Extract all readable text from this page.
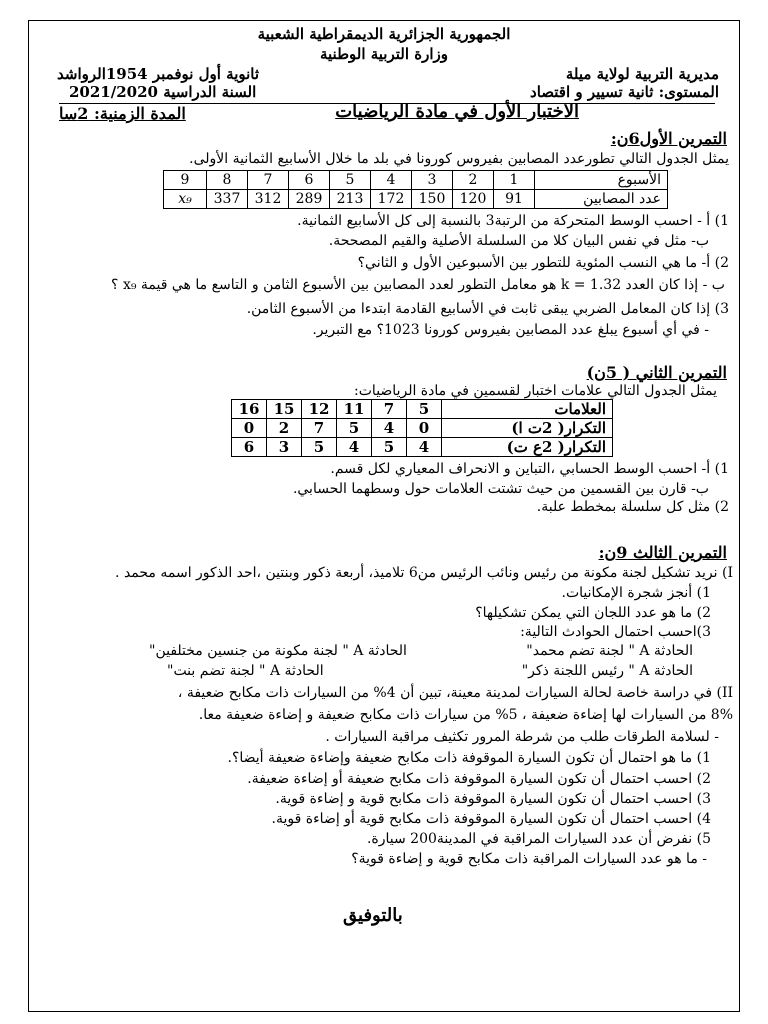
الجمهورية الجزائرية الديمقراطية الشعبية
وزارة التربية الوطنية
مديرية التربية لولاية ميلة
المستوى: ثانية تسيير و اقتصاد
ثانوية أول نوفمبر 1954الرواشد
السنة الدراسية 2021/2020
الاختبار الأول في مادة الرياضيات
المدة الزمنية: 2سا
التمرين الأول6ن:
يمثل الجدول التالي تطورعدد المصابين بفيروس كورونا في بلد ما خلال الأسابيع الثمانية الأولى.
9	8	7	6	5	4	3	2	1	الأسبوع
x₉	337	312	289	213	172	150	120	91	عدد المصابين
1) أ - احسب الوسط المتحركة من الرتبة3 بالنسبة إلى كل الأسابيع الثمانية.
ب- مثل في نفس البيان كلا من السلسلة الأصلية والقيم المصححة.
2) أ- ما هي النسب المئوية للتطور بين الأسبوعين الأول و الثاني؟
ب - إذا كان العدد k = 1.32 هو معامل التطور لعدد المصابين بين الأسبوع الثامن و التاسع ما هي قيمة x₉ ؟
3) إذا كان المعامل الضربي يبقى ثابت في الأسابيع القادمة ابتدءا من الأسبوع الثامن.
- في أي أسبوع يبلغ عدد المصابين بفيروس كورونا 1023؟ مع التبرير.
التمرين الثاني ( 5ن)
يمثل الجدول التالي علامات اختبار لقسمين في مادة الرياضيات:
16	15	12	11	7	5	العلامات
0	2	7	5	4	0	التكرار( 2ت ا)
6	3	5	4	5	4	التكرار( 2ع ت)
1) أ- احسب الوسط الحسابي ،التباين و الانحراف المعياري لكل قسم.
ب- قارن بين القسمين من حيث تشتت العلامات حول وسطهما الحسابي.
2) مثل كل سلسلة بمخطط علبة.
التمرين الثالث 9ن:
I) نريد تشكيل لجنة مكونة من رئيس ونائب الرئيس من6 تلاميذ، أربعة ذكور وبنتين ،احد الذكور اسمه محمد .
1) أنجز شجرة الإمكانيات.
2) ما هو عدد اللجان التي يمكن تشكيلها؟
3)احسب احتمال الحوادث التالية:
الحادثة A " لجنة تضم محمد"
الحادثة A " لجنة مكونة من جنسين مختلفين"
الحادثة A " رئيس اللجنة ذكر"
الحادثة A " لجنة تضم بنت"
II) في دراسة خاصة لحالة السيارات لمدينة معينة، تبين أن 4% من السيارات ذات مكابح ضعيفة ،
8% من السيارات لها إضاءة ضعيفة ، 5% من سيارات ذات مكابح ضعيفة و إضاءة ضعيفة معا.
- لسلامة الطرقات طلب من شرطة المرور تكثيف مراقبة السيارات .
1) ما هو احتمال أن تكون السيارة الموقوفة ذات مكابح ضعيفة وإضاءة ضعيفة أيضا؟.
2) احسب احتمال أن تكون السيارة الموقوفة ذات مكابح ضعيفة أو إضاءة ضعيفة.
3) احسب احتمال أن تكون السيارة الموقوفة ذات مكابح قوية و إضاءة قوية.
4) احسب احتمال أن تكون السيارة الموقوفة ذات مكابح قوية أو إضاءة قوية.
5) نفرض أن عدد السيارات المراقبة في المدينة200 سيارة.
- ما هو عدد السيارات المراقبة ذات مكابح قوية و إضاءة قوية؟
بالتوفيق
